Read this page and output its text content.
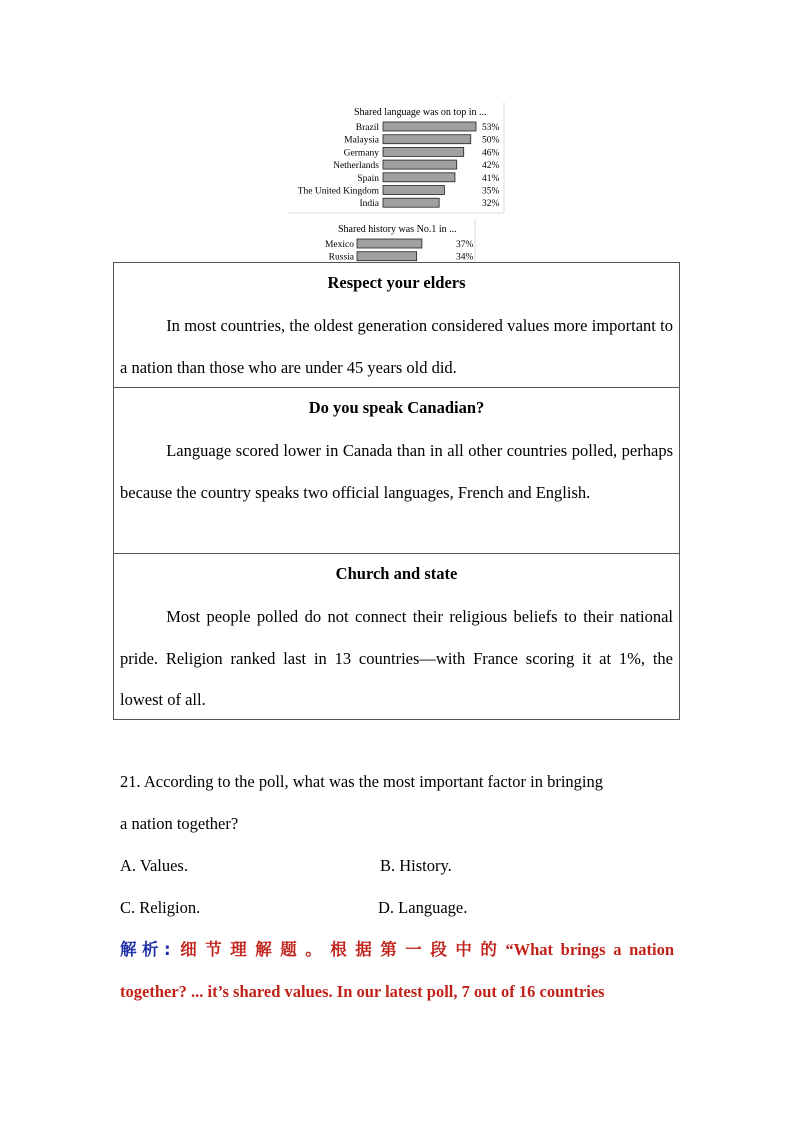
Shared language was on top in ...
Brazil	53%
Malaysia	50%
Germany	46%
Netherlands	42%
Spain	41%
The United Kingdom	35%
India	32%
Shared history was No.1 in ...
Mexico	37%
Russia	34%
Respect your elders

In most countries, the oldest generation considered values more important to a nation than those who are under 45 years old did.

Do you speak Canadian?

Language scored lower in Canada than in all other countries polled, perhaps because the country speaks two official languages, French and English.

Church and state

Most people polled do not connect their religious beliefs to their national pride. Religion ranked last in 13 countries—with France scoring it at 1%, the lowest of all.

21. According to the poll, what was the most important factor in bringing
a nation together?
A. Values.	B. History.
C. Religion.	D. Language.
解析: 细节理解题。根据第一段中的“What brings a nation together? ... it’s shared values. In our latest poll, 7 out of 16 countries
